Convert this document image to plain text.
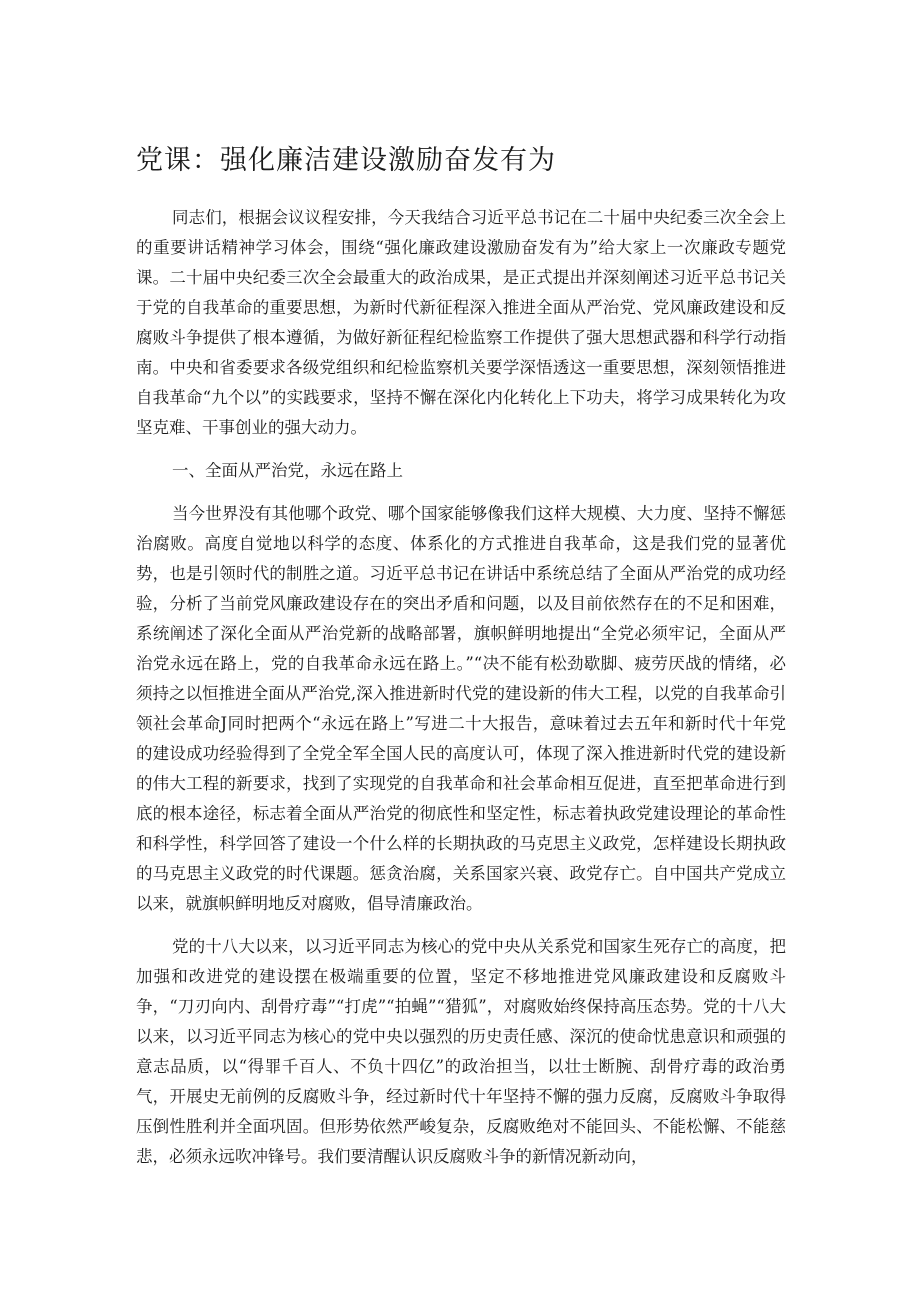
党课：强化廉洁建设激励奋发有为

同志们，根据会议议程安排，今天我结合习近平总书记在二十届中央纪委三次全会上的重要讲话精神学习体会，围绕“强化廉政建设激励奋发有为”给大家上一次廉政专题党课。二十届中央纪委三次全会最重大的政治成果，是正式提出并深刻阐述习近平总书记关于党的自我革命的重要思想，为新时代新征程深入推进全面从严治党、党风廉政建设和反腐败斗争提供了根本遵循，为做好新征程纪检监察工作提供了强大思想武器和科学行动指南。中央和省委要求各级党组织和纪检监察机关要学深悟透这一重要思想，深刻领悟推进自我革命“九个以”的实践要求，坚持不懈在深化内化转化上下功夫，将学习成果转化为攻坚克难、干事创业的强大动力。

一、全面从严治党，永远在路上

当今世界没有其他哪个政党、哪个国家能够像我们这样大规模、大力度、坚持不懈惩治腐败。高度自觉地以科学的态度、体系化的方式推进自我革命，这是我们党的显著优势，也是引领时代的制胜之道。习近平总书记在讲话中系统总结了全面从严治党的成功经验，分析了当前党风廉政建设存在的突出矛盾和问题，以及目前依然存在的不足和困难，系统阐述了深化全面从严治党新的战略部署，旗帜鲜明地提出“全党必须牢记，全面从严治党永远在路上，党的自我革命永远在路上。”“决不能有松劲歇脚、疲劳厌战的情绪，必须持之以恒推进全面从严治党,深入推进新时代党的建设新的伟大工程，以党的自我革命引领社会革命J同时把两个“永远在路上”写进二十大报告，意味着过去五年和新时代十年党的建设成功经验得到了全党全军全国人民的高度认可，体现了深入推进新时代党的建设新的伟大工程的新要求，找到了实现党的自我革命和社会革命相互促进，直至把革命进行到底的根本途径，标志着全面从严治党的彻底性和坚定性，标志着执政党建设理论的革命性和科学性，科学回答了建设一个什么样的长期执政的马克思主义政党，怎样建设长期执政的马克思主义政党的时代课题。惩贪治腐，关系国家兴衰、政党存亡。自中国共产党成立以来，就旗帜鲜明地反对腐败，倡导清廉政治。

党的十八大以来，以习近平同志为核心的党中央从关系党和国家生死存亡的高度，把加强和改进党的建设摆在极端重要的位置，坚定不移地推进党风廉政建设和反腐败斗争，“刀刃向内、刮骨疗毒”“打虎”“拍蝇”“猎狐”，对腐败始终保持高压态势。党的十八大以来，以习近平同志为核心的党中央以强烈的历史责任感、深沉的使命忧患意识和顽强的意志品质，以“得罪千百人、不负十四亿”的政治担当，以壮士断腕、刮骨疗毒的政治勇气，开展史无前例的反腐败斗争，经过新时代十年坚持不懈的强力反腐，反腐败斗争取得压倒性胜利并全面巩固。但形势依然严峻复杂，反腐败绝对不能回头、不能松懈、不能慈悲，必须永远吹冲锋号。我们要清醒认识反腐败斗争的新情况新动向，
